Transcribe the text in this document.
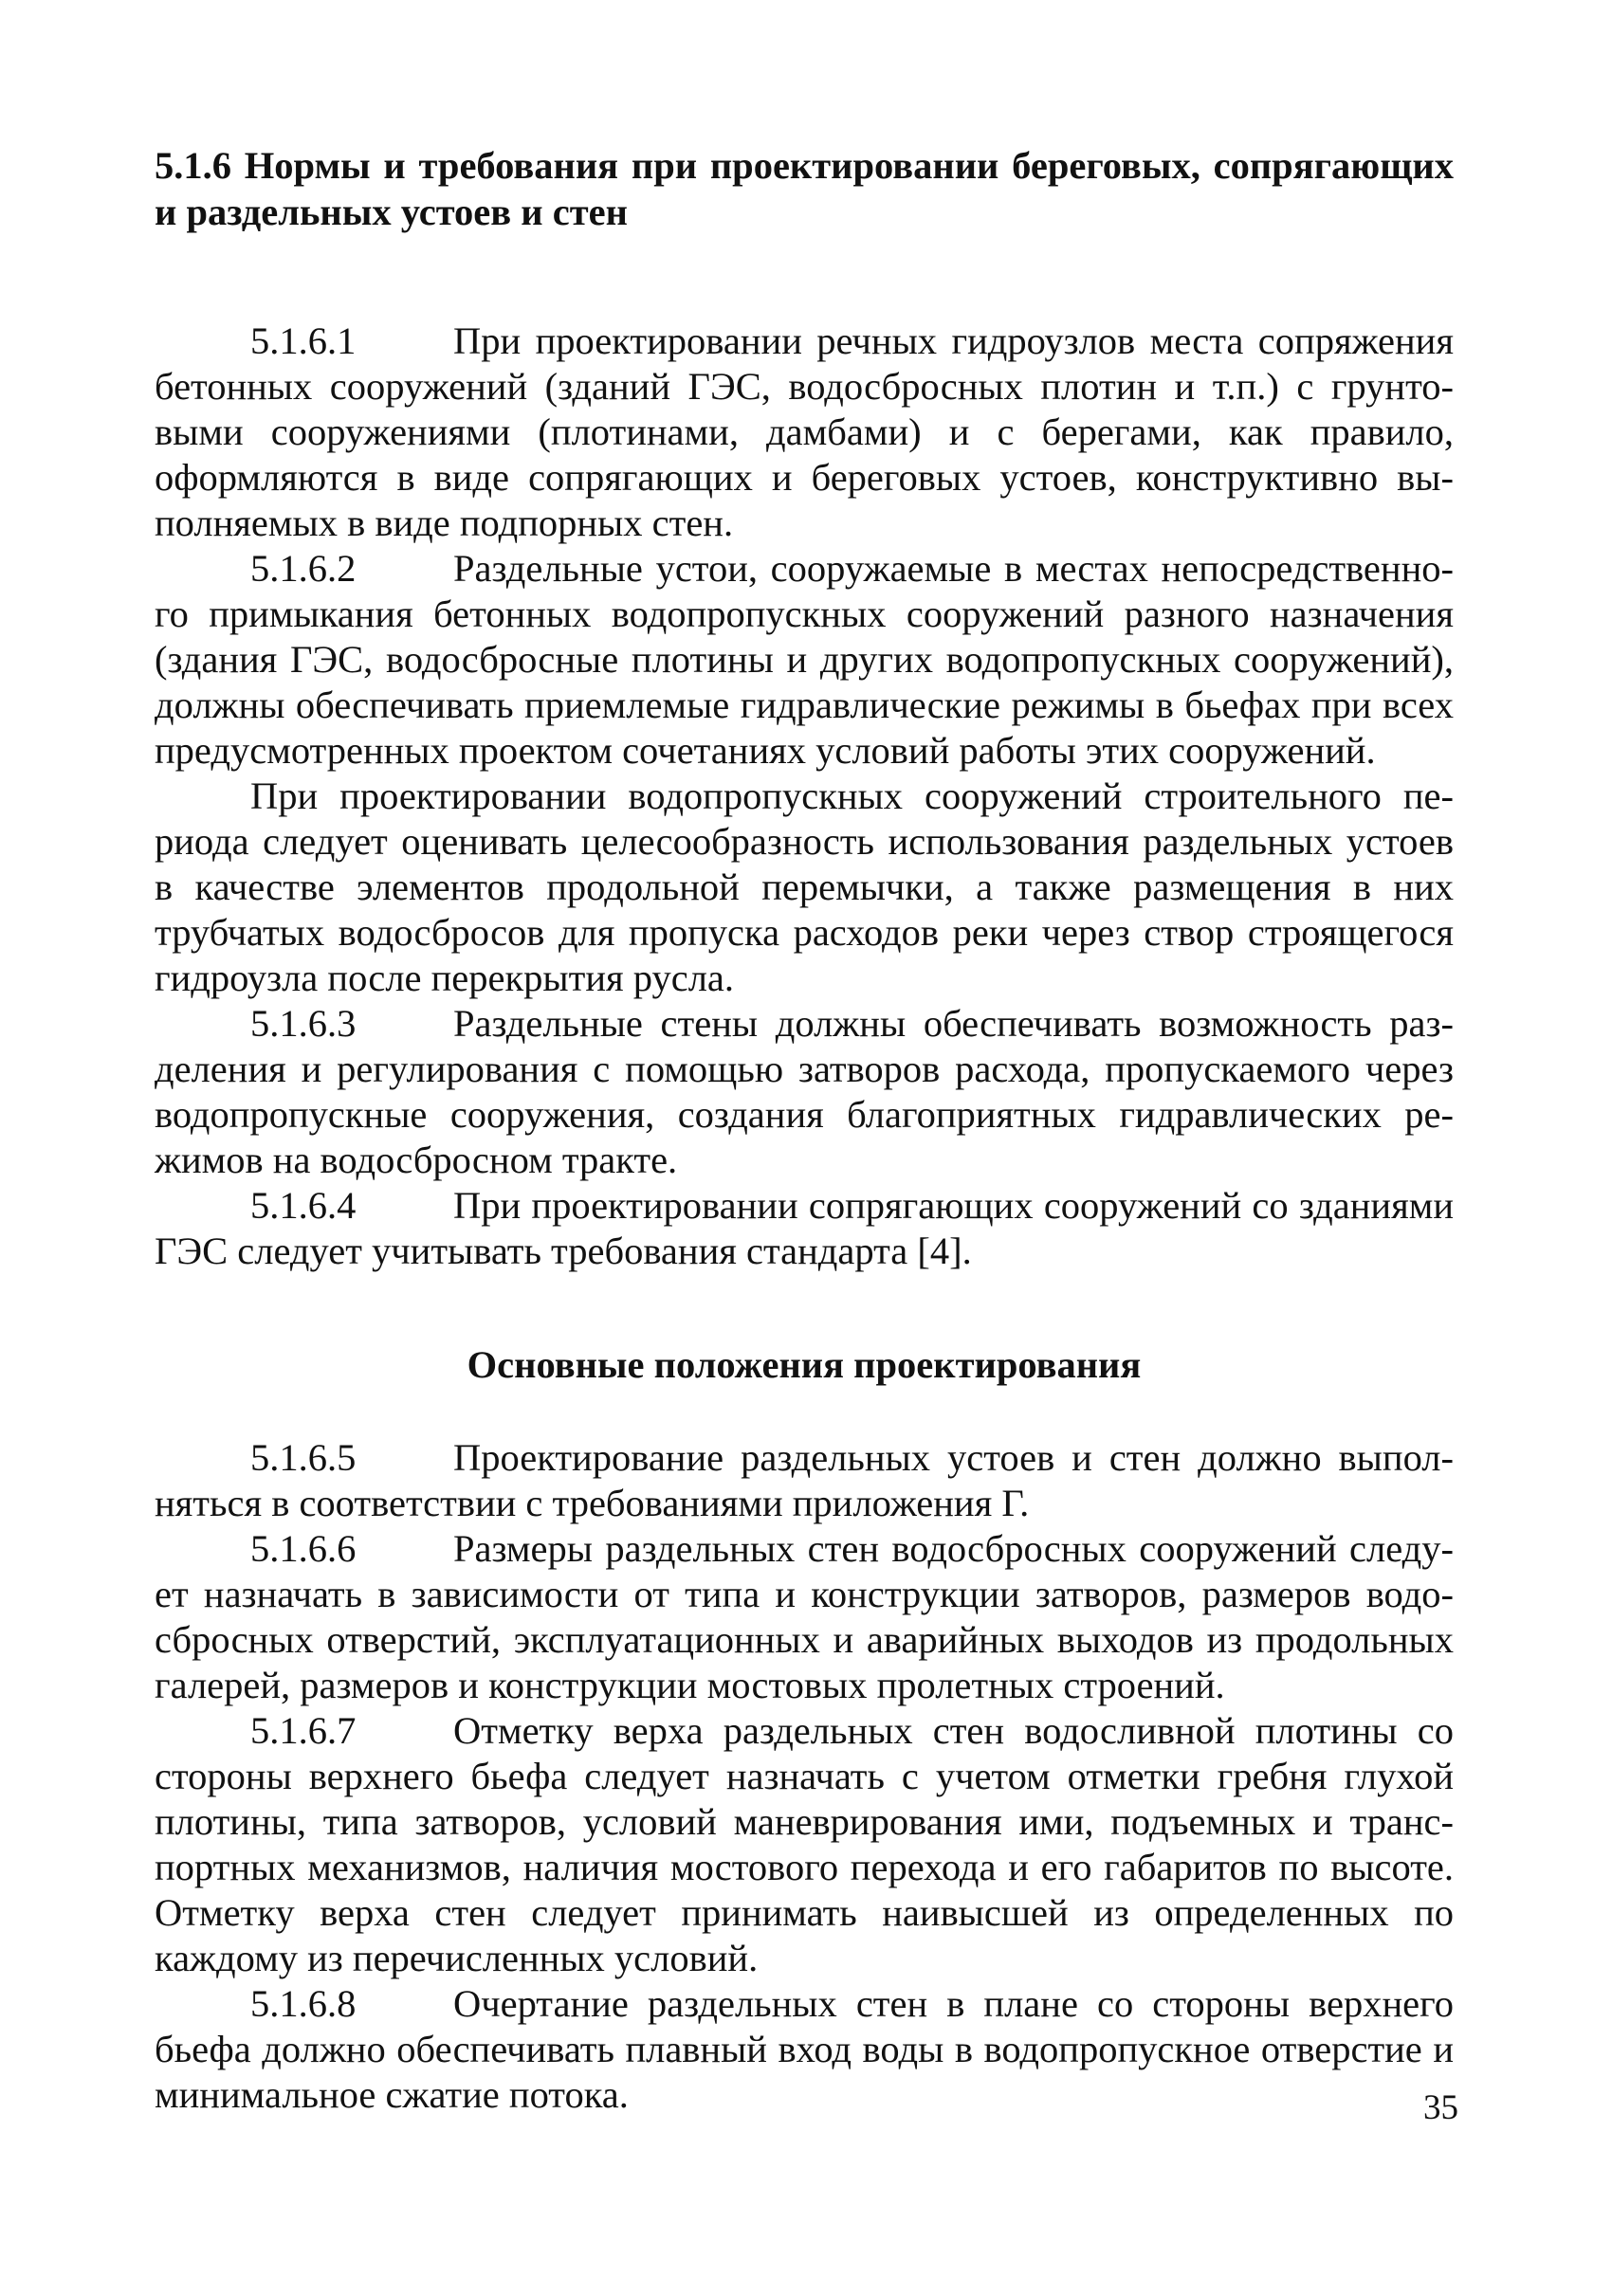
5.1.6 Нормы и требования при проектировании береговых, сопрягающих и раздельных устоев и стен

5.1.6.1	При проектировании речных гидроузлов места сопряжения бетонных сооружений (зданий ГЭС, водосбросных плотин и т.п.) с грунтовыми сооружениями (плотинами, дамбами) и с берегами, как правило, оформляются в виде сопрягающих и береговых устоев, конструктивно выполняемых в виде подпорных стен.

5.1.6.2	Раздельные устои, сооружаемые в местах непосредственного примыкания бетонных водопропускных сооружений разного назначения (здания ГЭС, водосбросные плотины и других водопропускных сооружений), должны обеспечивать приемлемые гидравлические режимы в бьефах при всех предусмотренных проектом сочетаниях условий работы этих сооружений.

При проектировании водопропускных сооружений строительного периода следует оценивать целесообразность использования раздельных устоев в качестве элементов продольной перемычки, а также размещения в них трубчатых водосбросов для пропуска расходов реки через створ строящегося гидроузла после перекрытия русла.

5.1.6.3	Раздельные стены должны обеспечивать возможность разделения и регулирования с помощью затворов расхода, пропускаемого через водопропускные сооружения, создания благоприятных гидравлических режимов на водосбросном тракте.

5.1.6.4	При проектировании сопрягающих сооружений со зданиями ГЭС следует учитывать требования стандарта [4].

Основные положения проектирования

5.1.6.5	Проектирование раздельных устоев и стен должно выполняться в соответствии с требованиями приложения Г.

5.1.6.6	Размеры раздельных стен водосбросных сооружений следует назначать в зависимости от типа и конструкции затворов, размеров водосбросных отверстий, эксплуатационных и аварийных выходов из продольных галерей, размеров и конструкции мостовых пролетных строений.

5.1.6.7	Отметку верха раздельных стен водосливной плотины со стороны верхнего бьефа следует назначать с учетом отметки гребня глухой плотины, типа затворов, условий маневрирования ими, подъемных и транспортных механизмов, наличия мостового перехода и его габаритов по высоте. Отметку верха стен следует принимать наивысшей из определенных по каждому из перечисленных условий.

5.1.6.8	Очертание раздельных стен в плане со стороны верхнего бьефа должно обеспечивать плавный вход воды в водопропускное отверстие и минимальное сжатие потока.	35
